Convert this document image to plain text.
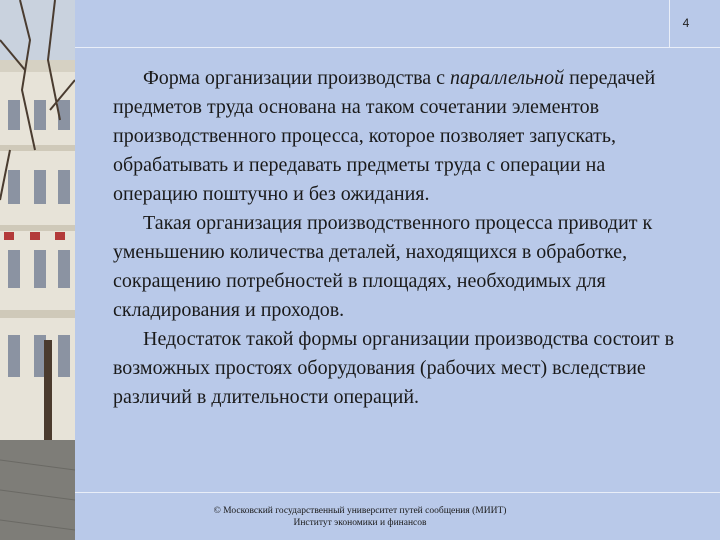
4

Форма организации производства с параллельной передачей предметов труда основана на таком сочетании элементов производственного процесса, которое позволяет запускать, обрабатывать и передавать предметы труда с операции на операцию поштучно и без ожидания.

Такая организация производственного процесса приводит к уменьшению количества деталей, находящихся в обработке, сокращению потребностей в площадях, необходимых для складирования и проходов.

Недостаток такой формы организации производства состоит в возможных простоях оборудования (рабочих мест) вследствие различий в длительности операций.

© Московский государственный университет путей сообщения (МИИТ)
Институт экономики и финансов
